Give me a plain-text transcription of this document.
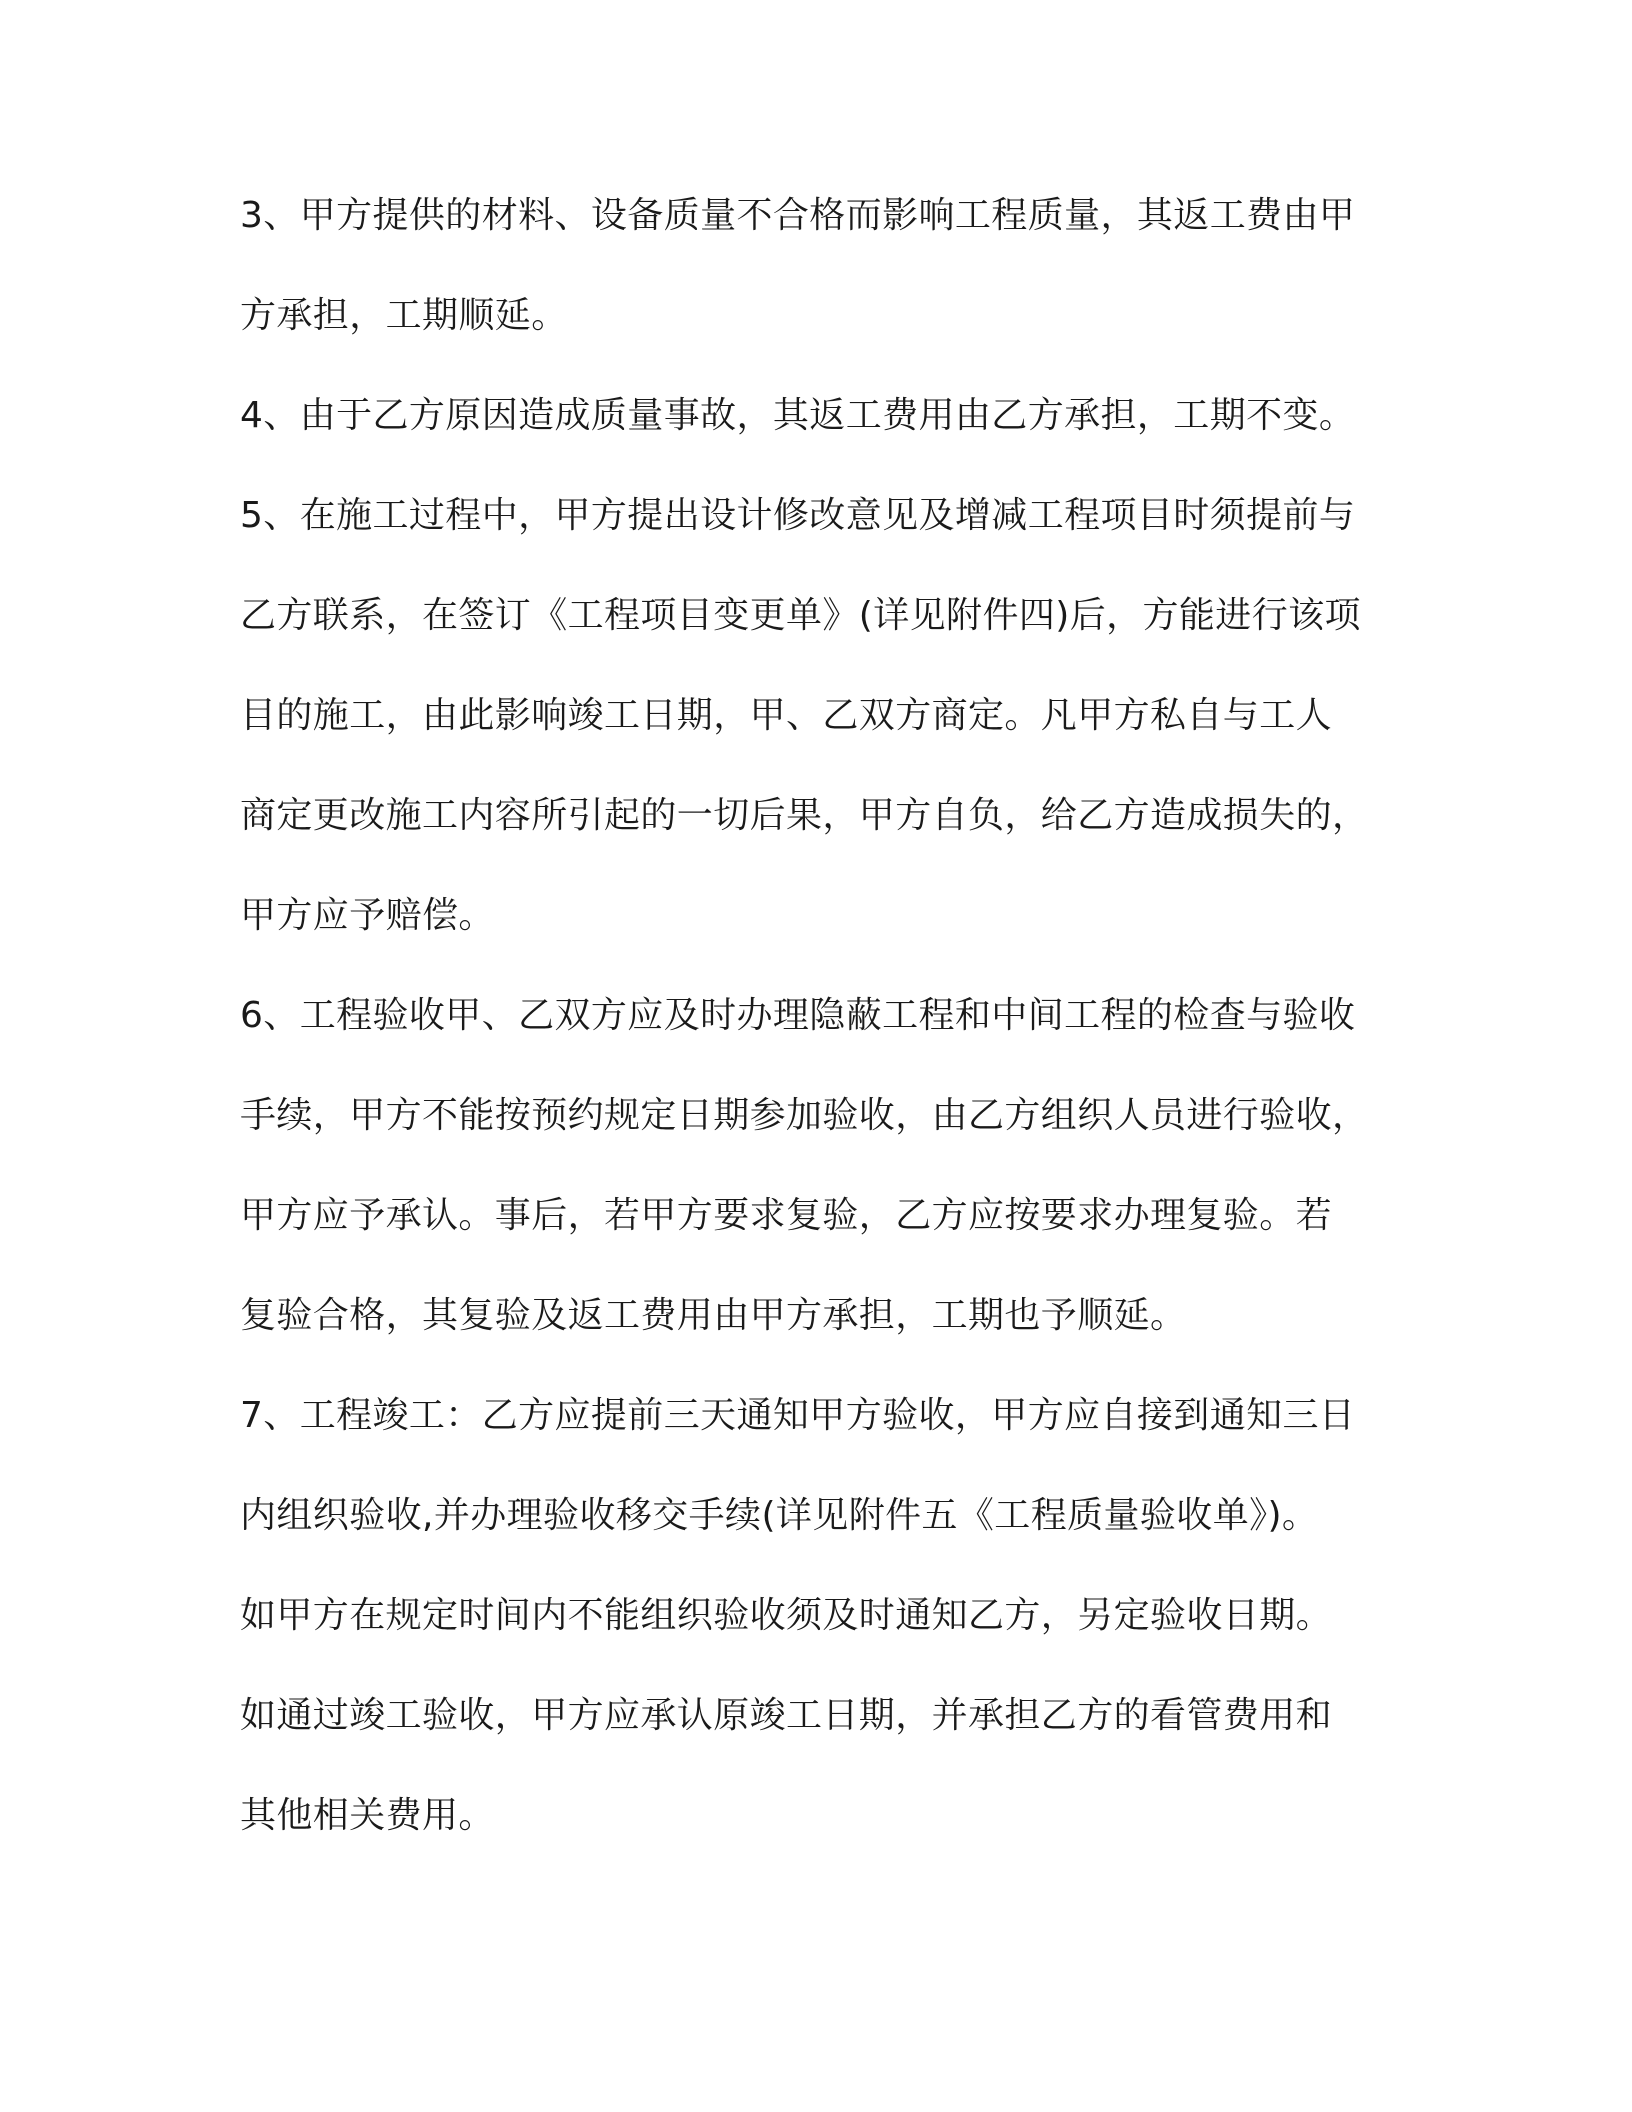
3、甲方提供的材料、设备质量不合格而影响工程质量，其返工费由甲

方承担，工期顺延。

4、由于乙方原因造成质量事故，其返工费用由乙方承担，工期不变。

5、在施工过程中，甲方提出设计修改意见及增减工程项目时须提前与

乙方联系，在签订《工程项目变更单》(详见附件四)后，方能进行该项

目的施工，由此影响竣工日期，甲、乙双方商定。凡甲方私自与工人

商定更改施工内容所引起的一切后果，甲方自负，给乙方造成损失的，

甲方应予赔偿。

6、工程验收甲、乙双方应及时办理隐蔽工程和中间工程的检查与验收

手续，甲方不能按预约规定日期参加验收，由乙方组织人员进行验收，

甲方应予承认。事后，若甲方要求复验，乙方应按要求办理复验。若

复验合格，其复验及返工费用由甲方承担，工期也予顺延。

7、工程竣工：乙方应提前三天通知甲方验收，甲方应自接到通知三日

内组织验收,并办理验收移交手续(详见附件五《工程质量验收单》)。

如甲方在规定时间内不能组织验收须及时通知乙方，另定验收日期。

如通过竣工验收，甲方应承认原竣工日期，并承担乙方的看管费用和

其他相关费用。
